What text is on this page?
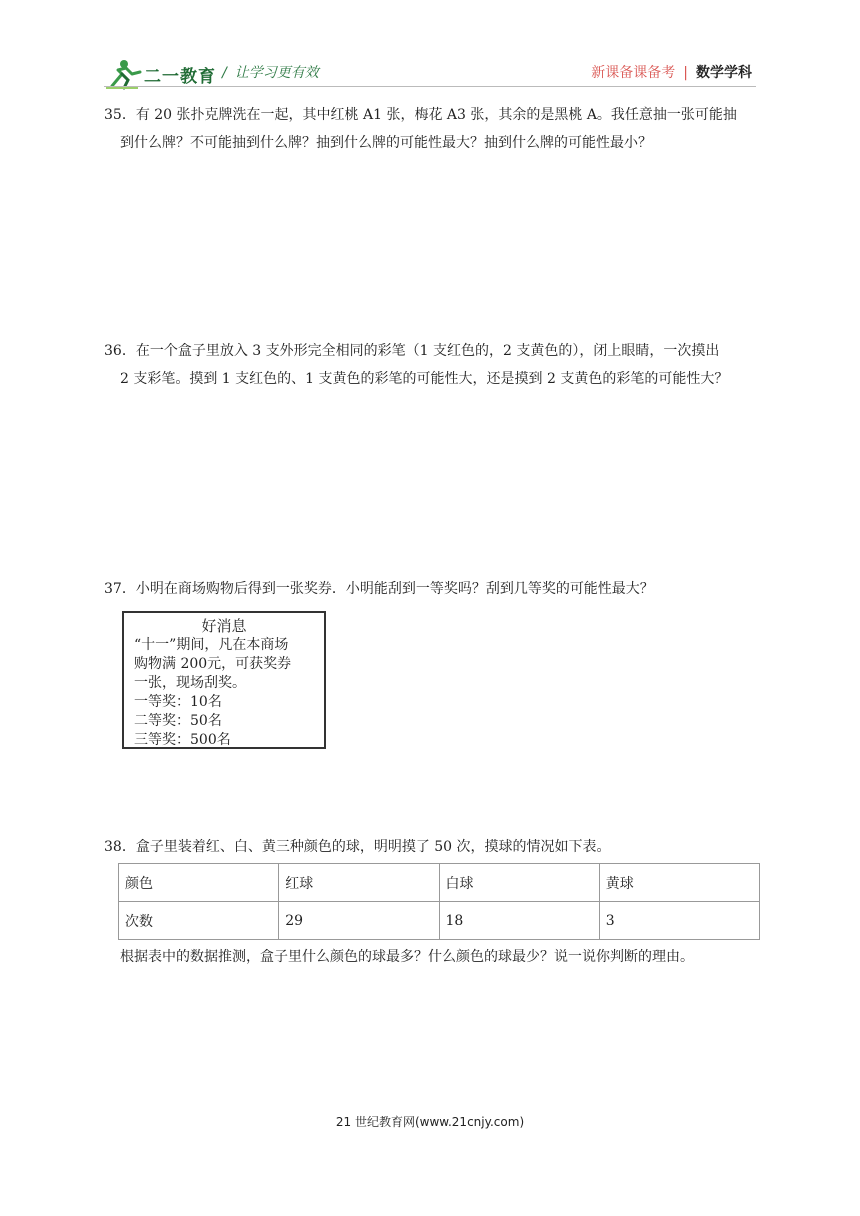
二一教育 / 让学习更有效	新课备课备考 | 数学学科
35．有 20 张扑克牌洗在一起，其中红桃 A1 张，梅花 A3 张，其余的是黑桃 A。我任意抽一张可能抽
到什么牌？不可能抽到什么牌？抽到什么牌的可能性最大？抽到什么牌的可能性最小？
36．在一个盒子里放入 3 支外形完全相同的彩笔（1 支红色的，2 支黄色的），闭上眼睛，一次摸出
2 支彩笔。摸到 1 支红色的、1 支黄色的彩笔的可能性大，还是摸到 2 支黄色的彩笔的可能性大？
37．小明在商场购物后得到一张奖券．小明能刮到一等奖吗？刮到几等奖的可能性最大？
好消息
“十一”期间，凡在本商场
购物满 200元，可获奖券
一张，现场刮奖。
一等奖：10名
二等奖：50名
三等奖：500名
38．盒子里装着红、白、黄三种颜色的球，明明摸了 50 次，摸球的情况如下表。
颜色	红球	白球	黄球
次数	29	18	3
根据表中的数据推测，盒子里什么颜色的球最多？什么颜色的球最少？说一说你判断的理由。
21 世纪教育网(www.21cnjy.com)
